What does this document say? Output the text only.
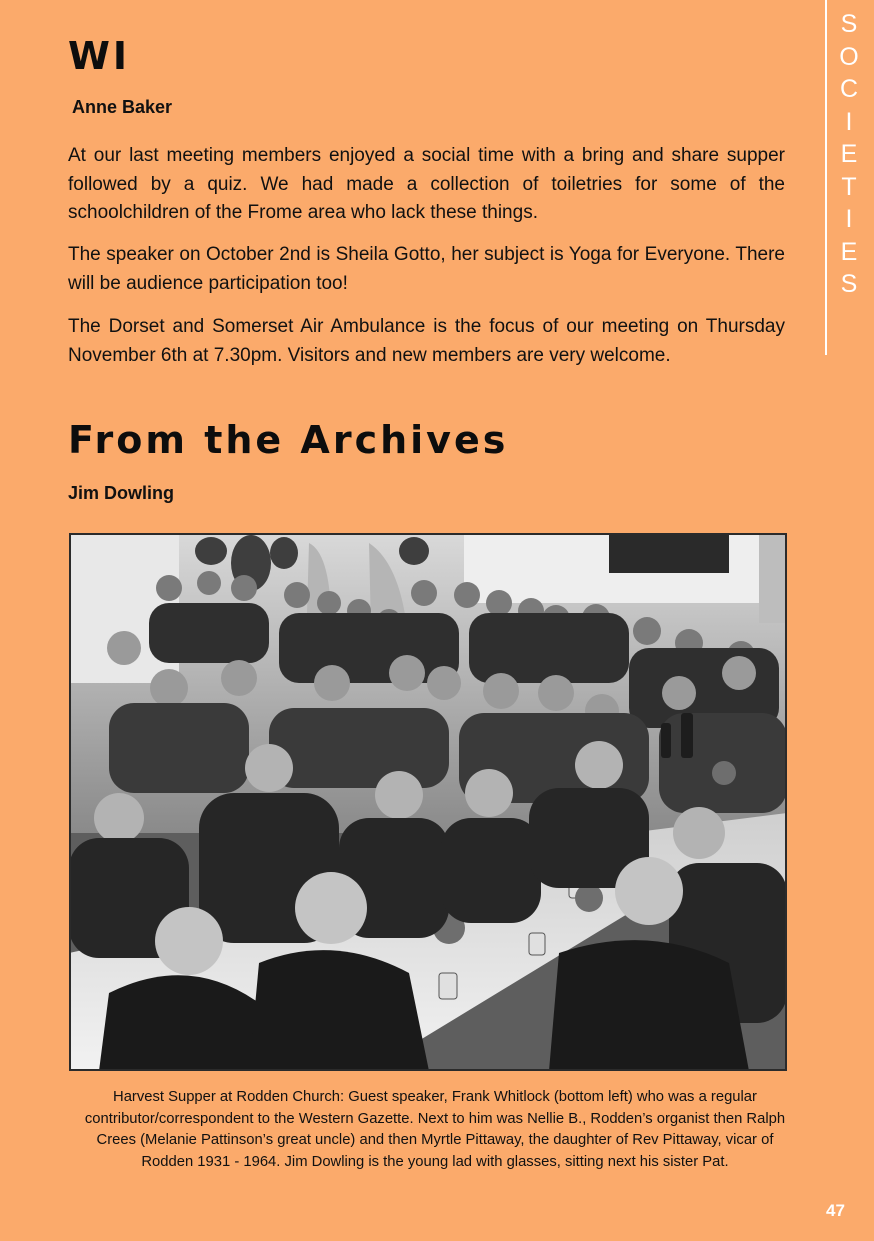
S
O
C
I
E
T
I
E
S
WI

Anne Baker

At our last meeting members enjoyed a social time with a bring and share supper followed by a quiz. We had made a collection of toiletries for some of the schoolchildren of the Frome area who lack these things.

The speaker on October 2nd is Sheila Gotto, her subject is Yoga for Everyone. There will be audience participation too!

The Dorset and Somerset Air Ambulance is the focus of our meeting on Thursday November 6th at 7.30pm. Visitors and new members are very welcome.

From the Archives

Jim Dowling

Harvest Supper at Rodden Church: Guest speaker, Frank Whitlock (bottom left) who was a regular contributor/correspondent to the Western Gazette. Next to him was Nellie B., Rodden’s organist then Ralph Crees (Melanie Pattinson’s great uncle) and then Myrtle Pittaway, the daughter of Rev Pittaway, vicar of Rodden 1931 - 1964. Jim Dowling is the young lad with glasses, sitting next his sister Pat.

47
